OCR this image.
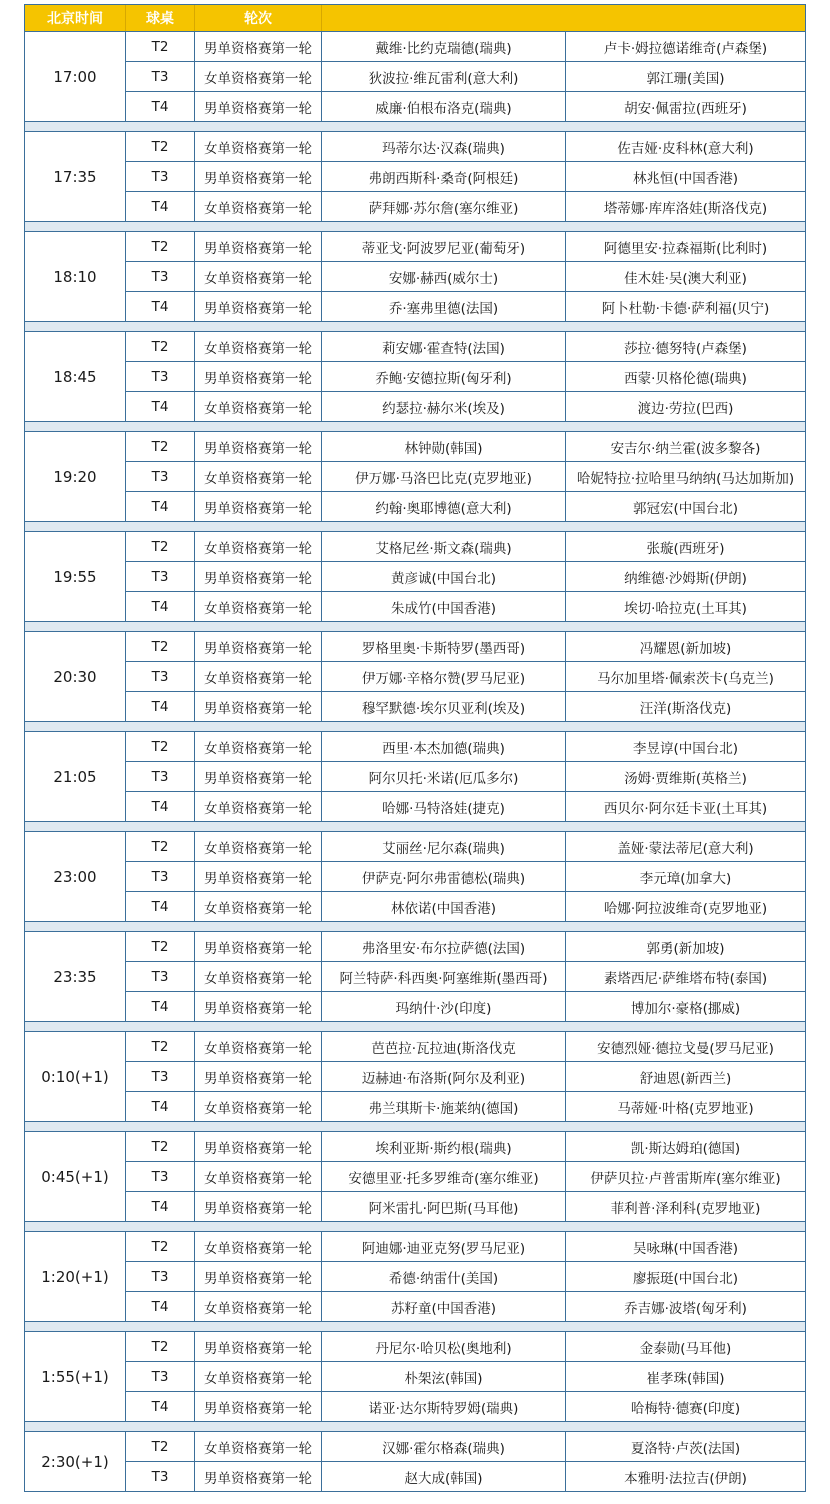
北京时间	球桌	轮次
17:00
T2	男单资格赛第一轮	戴维·比约克瑞德(瑞典)	卢卡·姆拉德诺维奇(卢森堡)
T3	女单资格赛第一轮	狄波拉·维瓦雷利(意大利)	郭江珊(美国)
T4	男单资格赛第一轮	威廉·伯根布洛克(瑞典)	胡安·佩雷拉(西班牙)
17:35
T2	女单资格赛第一轮	玛蒂尔达·汉森(瑞典)	佐吉娅·皮科林(意大利)
T3	男单资格赛第一轮	弗朗西斯科·桑奇(阿根廷)	林兆恒(中国香港)
T4	女单资格赛第一轮	萨拜娜·苏尔詹(塞尔维亚)	塔蒂娜·库库洛娃(斯洛伐克)
18:10
T2	男单资格赛第一轮	蒂亚戈·阿波罗尼亚(葡萄牙)	阿德里安·拉森福斯(比利时)
T3	女单资格赛第一轮	安娜·赫西(威尔士)	佳木娃·吴(澳大利亚)
T4	男单资格赛第一轮	乔·塞弗里德(法国)	阿卜杜勒·卡德·萨利福(贝宁)
18:45
T2	女单资格赛第一轮	莉安娜·霍查特(法国)	莎拉·德努特(卢森堡)
T3	男单资格赛第一轮	乔鲍·安德拉斯(匈牙利)	西蒙·贝格伦德(瑞典)
T4	女单资格赛第一轮	约瑟拉·赫尔米(埃及)	渡边·劳拉(巴西)
19:20
T2	男单资格赛第一轮	林钟勋(韩国)	安吉尔·纳兰霍(波多黎各)
T3	女单资格赛第一轮	伊万娜·马洛巴比克(克罗地亚)	哈妮特拉·拉哈里马纳纳(马达加斯加)
T4	男单资格赛第一轮	约翰·奥耶博德(意大利)	郭冠宏(中国台北)
19:55
T2	女单资格赛第一轮	艾格尼丝·斯文森(瑞典)	张璇(西班牙)
T3	男单资格赛第一轮	黄彦诚(中国台北)	纳维德·沙姆斯(伊朗)
T4	女单资格赛第一轮	朱成竹(中国香港)	埃切·哈拉克(土耳其)
20:30
T2	男单资格赛第一轮	罗格里奥·卡斯特罗(墨西哥)	冯耀恩(新加坡)
T3	女单资格赛第一轮	伊万娜·辛格尔赞(罗马尼亚)	马尔加里塔·佩索茨卡(乌克兰)
T4	男单资格赛第一轮	穆罕默德·埃尔贝亚利(埃及)	汪洋(斯洛伐克)
21:05
T2	女单资格赛第一轮	西里·本杰加德(瑞典)	李昱谆(中国台北)
T3	男单资格赛第一轮	阿尔贝托·米诺(厄瓜多尔)	汤姆·贾维斯(英格兰)
T4	女单资格赛第一轮	哈娜·马特洛娃(捷克)	西贝尔·阿尔廷卡亚(土耳其)
23:00
T2	女单资格赛第一轮	艾丽丝·尼尔森(瑞典)	盖娅·蒙法蒂尼(意大利)
T3	男单资格赛第一轮	伊萨克·阿尔弗雷德松(瑞典)	李元璋(加拿大)
T4	女单资格赛第一轮	林依诺(中国香港)	哈娜·阿拉波维奇(克罗地亚)
23:35
T2	男单资格赛第一轮	弗洛里安·布尔拉萨德(法国)	郭勇(新加坡)
T3	女单资格赛第一轮	阿兰特萨·科西奥·阿塞维斯(墨西哥)	素塔西尼·萨维塔布特(泰国)
T4	男单资格赛第一轮	玛纳什·沙(印度)	博加尔·豪格(挪威)
0:10(+1)
T2	女单资格赛第一轮	芭芭拉·瓦拉迪(斯洛伐克	安德烈娅·德拉戈曼(罗马尼亚)
T3	男单资格赛第一轮	迈赫迪·布洛斯(阿尔及利亚)	舒迪恩(新西兰)
T4	女单资格赛第一轮	弗兰琪斯卡·施莱纳(德国)	马蒂娅·叶格(克罗地亚)
0:45(+1)
T2	男单资格赛第一轮	埃利亚斯·斯约根(瑞典)	凯·斯达姆珀(德国)
T3	女单资格赛第一轮	安德里亚·托多罗维奇(塞尔维亚)	伊萨贝拉·卢普雷斯库(塞尔维亚)
T4	男单资格赛第一轮	阿米雷扎·阿巴斯(马耳他)	菲利普·泽利科(克罗地亚)
1:20(+1)
T2	女单资格赛第一轮	阿迪娜·迪亚克努(罗马尼亚)	吴咏琳(中国香港)
T3	男单资格赛第一轮	希德·纳雷什(美国)	廖振珽(中国台北)
T4	女单资格赛第一轮	苏籽童(中国香港)	乔吉娜·波塔(匈牙利)
1:55(+1)
T2	男单资格赛第一轮	丹尼尔·哈贝松(奥地利)	金泰勋(马耳他)
T3	女单资格赛第一轮	朴架泫(韩国)	崔孝珠(韩国)
T4	男单资格赛第一轮	诺亚·达尔斯特罗姆(瑞典)	哈梅特·德赛(印度)
2:30(+1)
T2	女单资格赛第一轮	汉娜·霍尔格森(瑞典)	夏洛特·卢茨(法国)
T3	男单资格赛第一轮	赵大成(韩国)	本雅明·法拉吉(伊朗)
